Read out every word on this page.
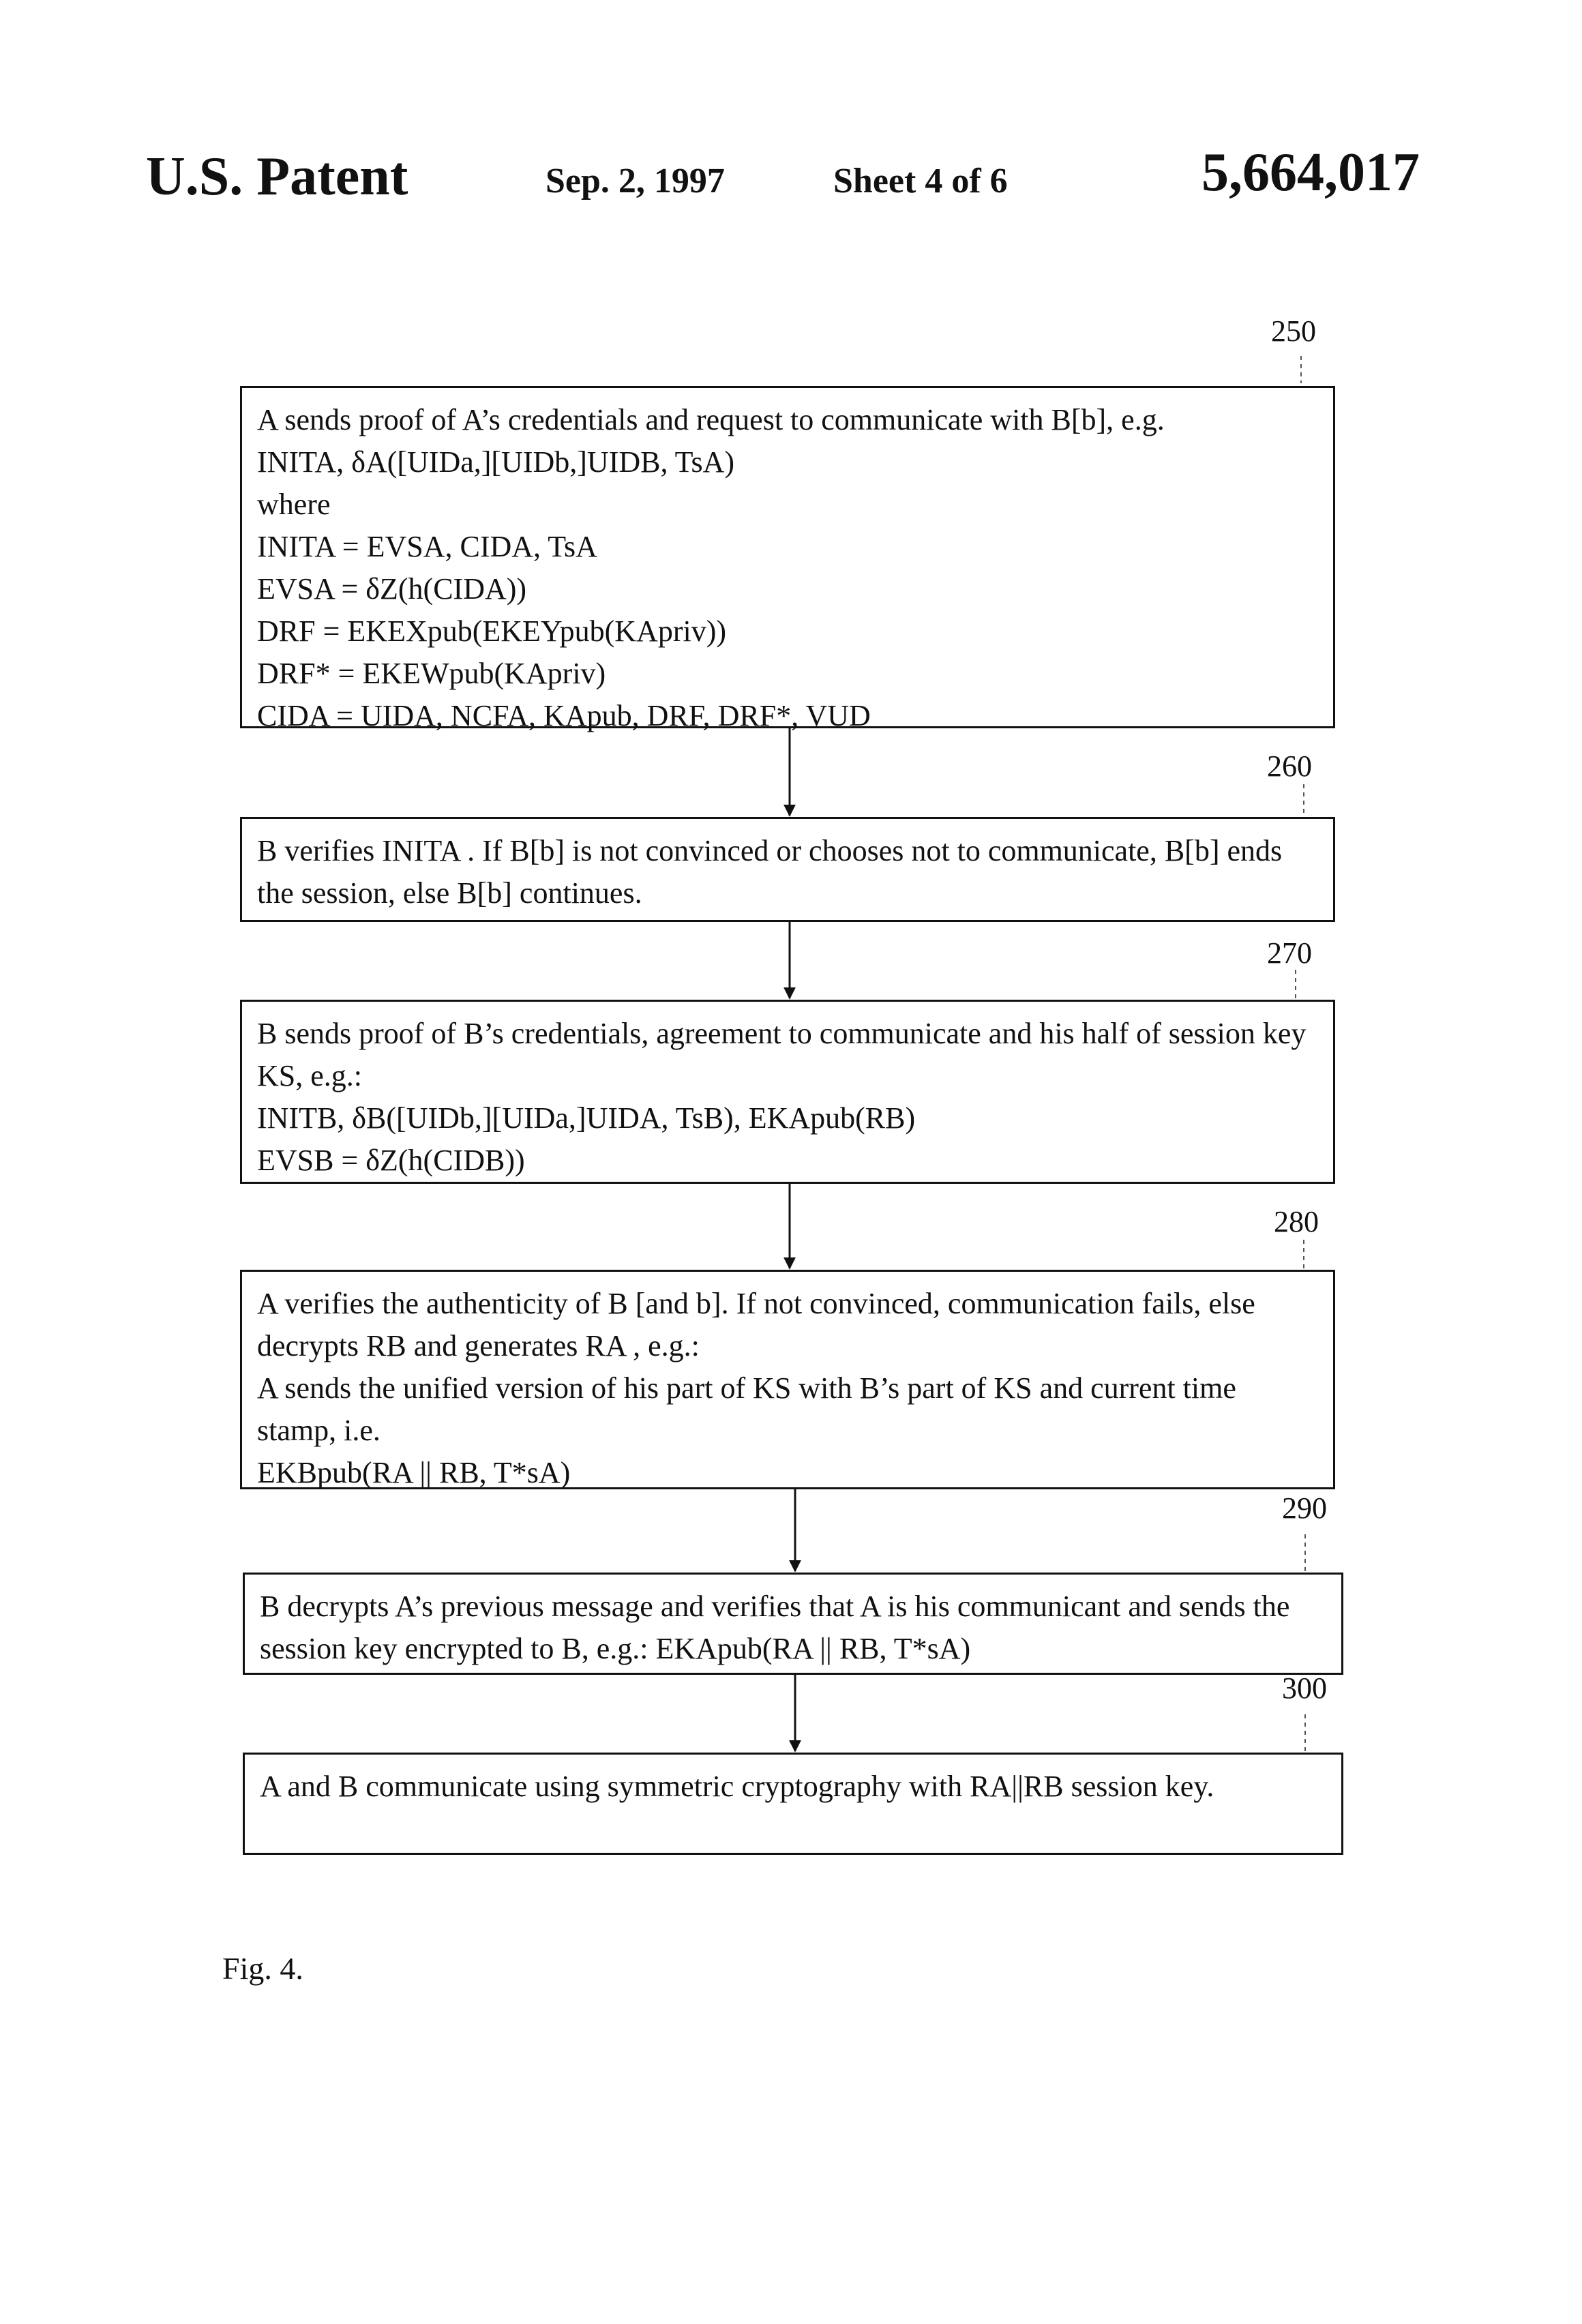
U.S. Patent	Sep. 2, 1997	Sheet 4 of 6	5,664,017
250
260
270
280
290
300
A sends proof of A’s credentials and request to communicate with B[b], e.g.
INITA, δA([UIDa,][UIDb,]UIDB, TsA)
where
INITA = EVSA, CIDA, TsA
EVSA = δZ(h(CIDA))
DRF = EKEXpub(EKEYpub(KApriv))
DRF* = EKEWpub(KApriv)
CIDA = UIDA, NCFA, KApub, DRF, DRF*, VUD
B verifies INITA . If B[b] is not convinced or chooses not to communicate, B[b] ends the session, else B[b] continues.
B sends proof of B’s credentials, agreement to communicate and his half of session key KS, e.g.:
INITB, δB([UIDb,][UIDa,]UIDA, TsB), EKApub(RB)
EVSB = δZ(h(CIDB))
A verifies the authenticity of B [and b]. If not convinced, communication fails, else decrypts RB and generates RA , e.g.:
A sends the unified version of his part of KS with B’s part of KS and current time stamp, i.e.
EKBpub(RA || RB, T*sA)
B decrypts A’s previous message and verifies that A is his communicant and sends the session key encrypted to B, e.g.: EKApub(RA || RB, T*sA)
A and B communicate using symmetric cryptography with RA||RB session key.
Fig. 4.
